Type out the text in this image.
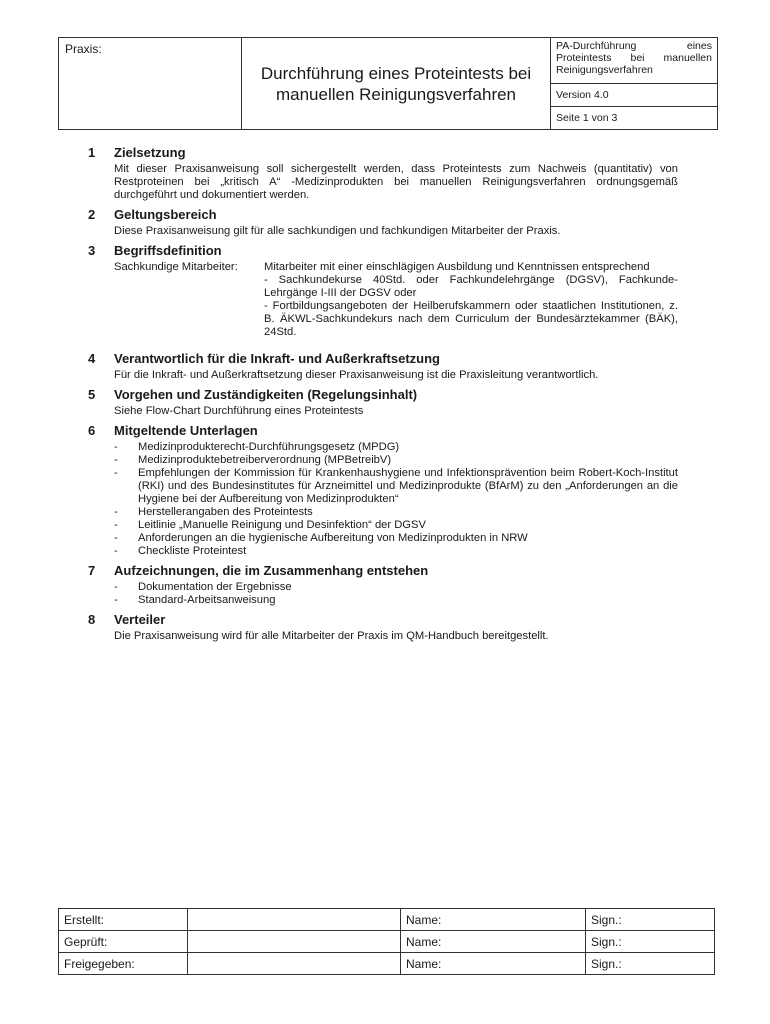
Praxis:	
Durchführung eines Proteintests bei
manuellen Reinigungsverfahren

PA-Durchführung eines Proteintests bei manuellen Reinigungsverfahren
Version 4.0
Seite 1 von 3
1	Zielsetzung
Mit dieser Praxisanweisung soll sichergestellt werden, dass Proteintests zum Nachweis (quantitativ) von Restproteinen bei „kritisch A“ -Medizinprodukten bei manuellen Reinigungsverfahren ordnungsgemäß durchgeführt und dokumentiert werden.
2	Geltungsbereich
Diese Praxisanweisung gilt für alle sachkundigen und fachkundigen Mitarbeiter der Praxis.
3	Begriffsdefinition
Sachkundige Mitarbeiter:	Mitarbeiter mit einer einschlägigen Ausbildung und Kenntnissen entsprechend
- Sachkundekurse 40Std. oder Fachkundelehrgänge (DGSV), Fachkunde-Lehrgänge I-III der DGSV oder
- Fortbildungsangeboten der Heilberufskammern oder staatlichen Institutionen, z. B. ÄKWL-Sachkundekurs nach dem Curriculum der Bundesärztekammer (BÄK), 24Std.
4	Verantwortlich für die Inkraft- und Außerkraftsetzung
Für die Inkraft- und Außerkraftsetzung dieser Praxisanweisung ist die Praxisleitung verantwortlich.
5	Vorgehen und Zuständigkeiten (Regelungsinhalt)
Siehe Flow-Chart Durchführung eines Proteintests
6	Mitgeltende Unterlagen
-	Medizinprodukterecht-Durchführungsgesetz (MPDG)
-	Medizinproduktebetreiberverordnung (MPBetreibV)
-	Empfehlungen der Kommission für Krankenhaushygiene und Infektionsprävention beim Robert-Koch-Institut (RKI) und des Bundesinstitutes für Arzneimittel und Medizinprodukte (BfArM) zu den „Anforderungen an die Hygiene bei der Aufbereitung von Medizinprodukten“
-	Herstellerangaben des Proteintests
-	Leitlinie „Manuelle Reinigung und Desinfektion“ der DGSV
-	Anforderungen an die hygienische Aufbereitung von Medizinprodukten in NRW
-	Checkliste Proteintest
7	Aufzeichnungen, die im Zusammenhang entstehen
-	Dokumentation der Ergebnisse
-	Standard-Arbeitsanweisung
8	Verteiler
Die Praxisanweisung wird für alle Mitarbeiter der Praxis im QM-Handbuch bereitgestellt.
Erstellt:		Name:	Sign.:
Geprüft:		Name:	Sign.:
Freigegeben:		Name:	Sign.:
